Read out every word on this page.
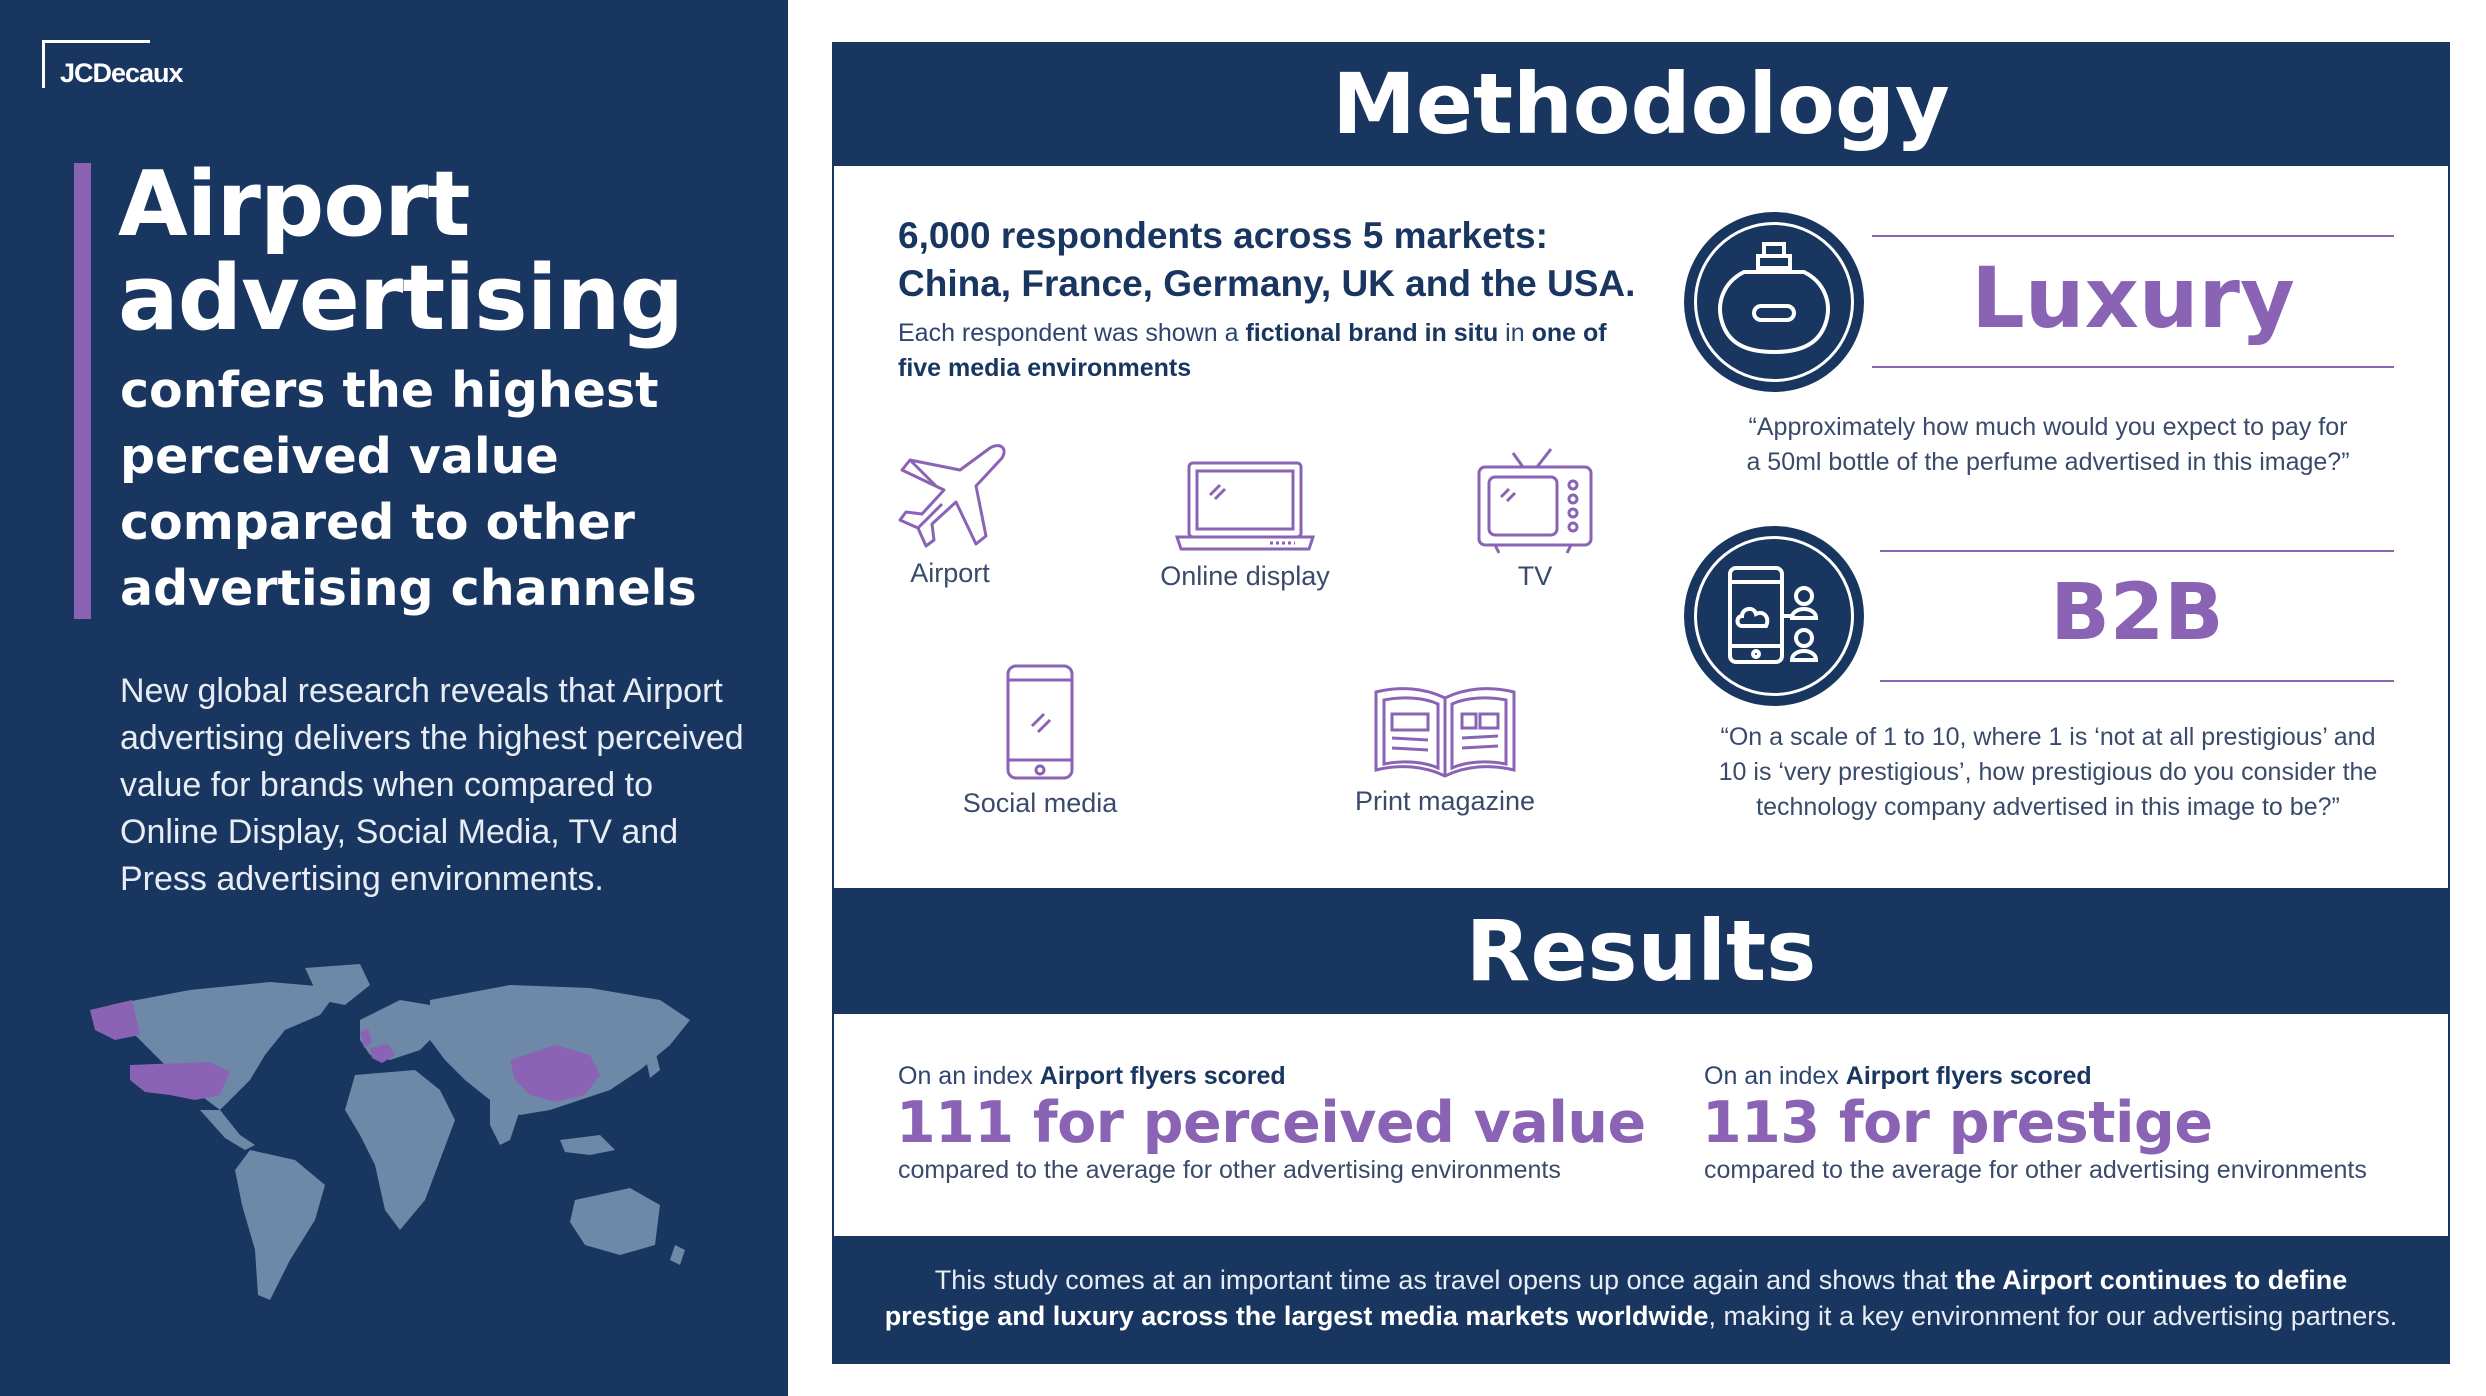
JCDecaux
Airport
advertising
confers the highest
perceived value
compared to other
advertising channels
New global research reveals that Airport
advertising delivers the highest perceived
value for brands when compared to
Online Display, Social Media, TV and
Press advertising environments.
Methodology
6,000 respondents across 5 markets:
China, France, Germany, UK and the USA.
Each respondent was shown a fictional brand in situ in one of five media environments
Airport	Online display	TV
Social media	Print magazine
Luxury
“Approximately how much would you expect to pay for
a 50ml bottle of the perfume advertised in this image?”
B2B
“On a scale of 1 to 10, where 1 is ‘not at all prestigious’ and
10 is ‘very prestigious’, how prestigious do you consider the
technology company advertised in this image to be?”
Results
On an index Airport flyers scored
111 for perceived value
compared to the average for other advertising environments
On an index Airport flyers scored
113 for prestige
compared to the average for other advertising environments
This study comes at an important time as travel opens up once again and shows that the Airport continues to define
prestige and luxury across the largest media markets worldwide, making it a key environment for our advertising partners.
